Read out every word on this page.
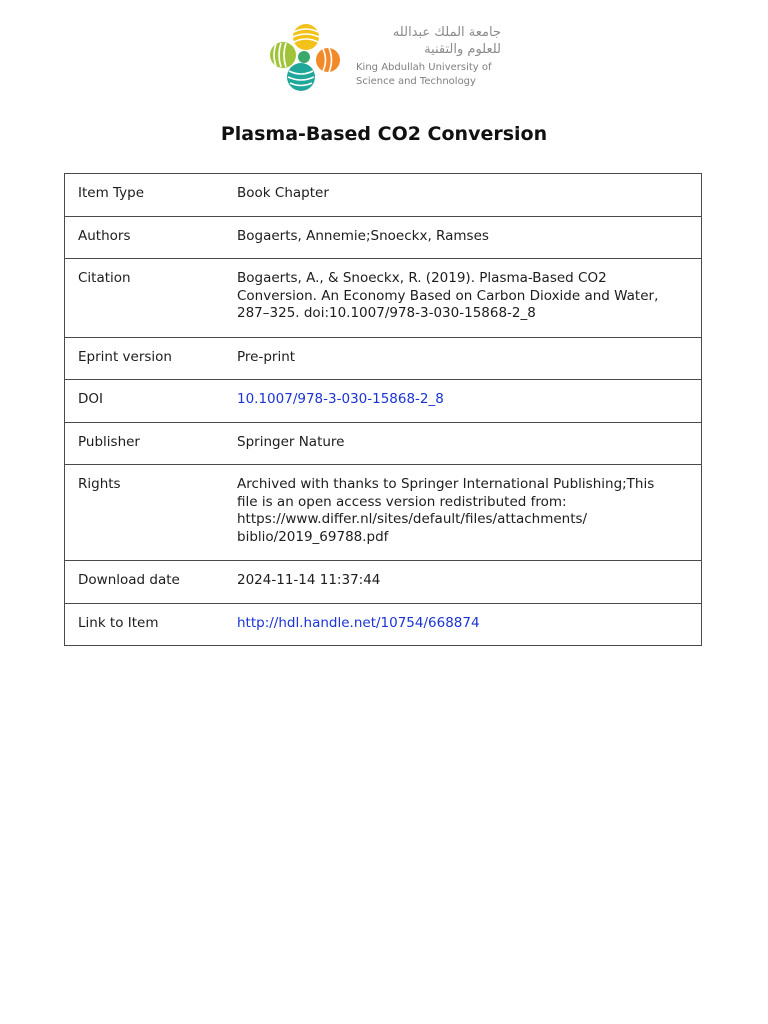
جامعة الملك عبدالله
للعلوم والتقنية
King Abdullah University of
Science and Technology
Plasma-Based CO2 Conversion
Item Type	Book Chapter
Authors	Bogaerts, Annemie;Snoeckx, Ramses
Citation	Bogaerts, A., & Snoeckx, R. (2019). Plasma-Based CO2
Conversion. An Economy Based on Carbon Dioxide and Water,
287–325. doi:10.1007/978-3-030-15868-2_8

Eprint version	Pre-print
DOI	10.1007/978-3-030-15868-2_8
Publisher	Springer Nature
Rights	Archived with thanks to Springer International Publishing;This
file is an open access version redistributed from:
https://www.differ.nl/sites/default/files/attachments/
biblio/2019_69788.pdf

Download date	2024-11-14 11:37:44
Link to Item	http://hdl.handle.net/10754/668874
